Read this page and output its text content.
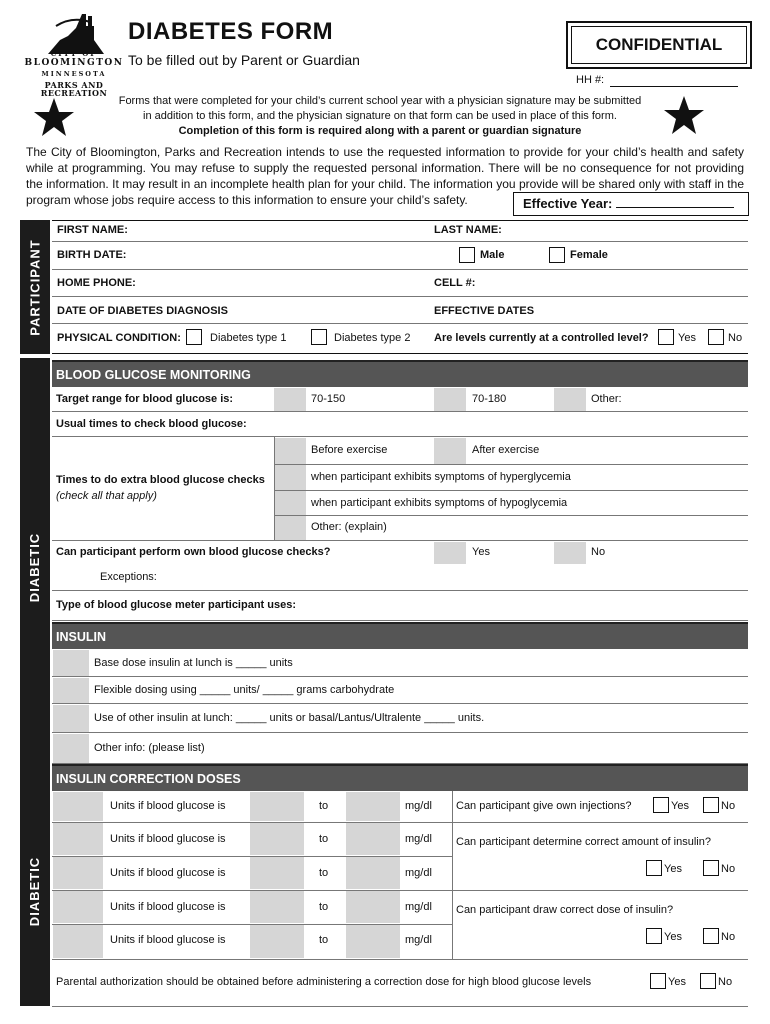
CITY OF
BLOOMINGTON
MINNESOTA
PARKS AND RECREATION
DIABETES FORM
To be filled out by Parent or Guardian
CONFIDENTIAL
HH #:
Forms that were completed for your child’s current school year with a physician signature may be submitted
in addition to this form, and the physician signature on that form can be used in place of this form.
Completion of this form is required along with a parent or guardian signature
The City of Bloomington, Parks and Recreation intends to use the requested information to provide for your child’s health and safety while at programming. You may refuse to supply the requested personal information. There will be no consequence for not providing the information. It may result in an incomplete health plan for your child. The information you provide will be shared only with staff in the program whose jobs require access to this information to ensure your child’s safety.	Effective Year:
PARTICIPANT
FIRST NAME:	LAST NAME:
BIRTH DATE:	Male	Female
HOME PHONE:	CELL #:
DATE OF DIABETES DIAGNOSIS	EFFECTIVE DATES
PHYSICAL CONDITION:	Diabetes type 1	Diabetes type 2 Are levels currently at a controlled level?	Yes	No
DIABETIC
BLOOD GLUCOSE MONITORING
Target range for blood glucose is:	70-150	70-180	Other:
Usual times to check blood glucose:
Times to do extra blood glucose checks
(check all that apply)
Before exercise	After exercise
when participant exhibits symptoms of hyperglycemia
when participant exhibits symptoms of hypoglycemia
Other: (explain)
Can participant perform own blood glucose checks?	Yes	No
Exceptions:
Type of blood glucose meter participant uses:
INSULIN
Base dose insulin at lunch is _____ units
Flexible dosing using _____ units/ _____ grams carbohydrate
Use of other insulin at lunch: _____ units or basal/Lantus/Ultralente _____ units.
Other info: (please list)
DIABETIC
INSULIN CORRECTION DOSES
Units if blood glucose is	to	mg/dl
Units if blood glucose is	to	mg/dl
Units if blood glucose is	to	mg/dl
Units if blood glucose is	to	mg/dl
Units if blood glucose is	to	mg/dl
Can participant give own injections?	Yes	No
Can participant determine correct amount of insulin?
Yes	No
Can participant draw correct dose of insulin?
Yes	No
Parental authorization should be obtained before administering a correction dose for high blood glucose levels	Yes	No
